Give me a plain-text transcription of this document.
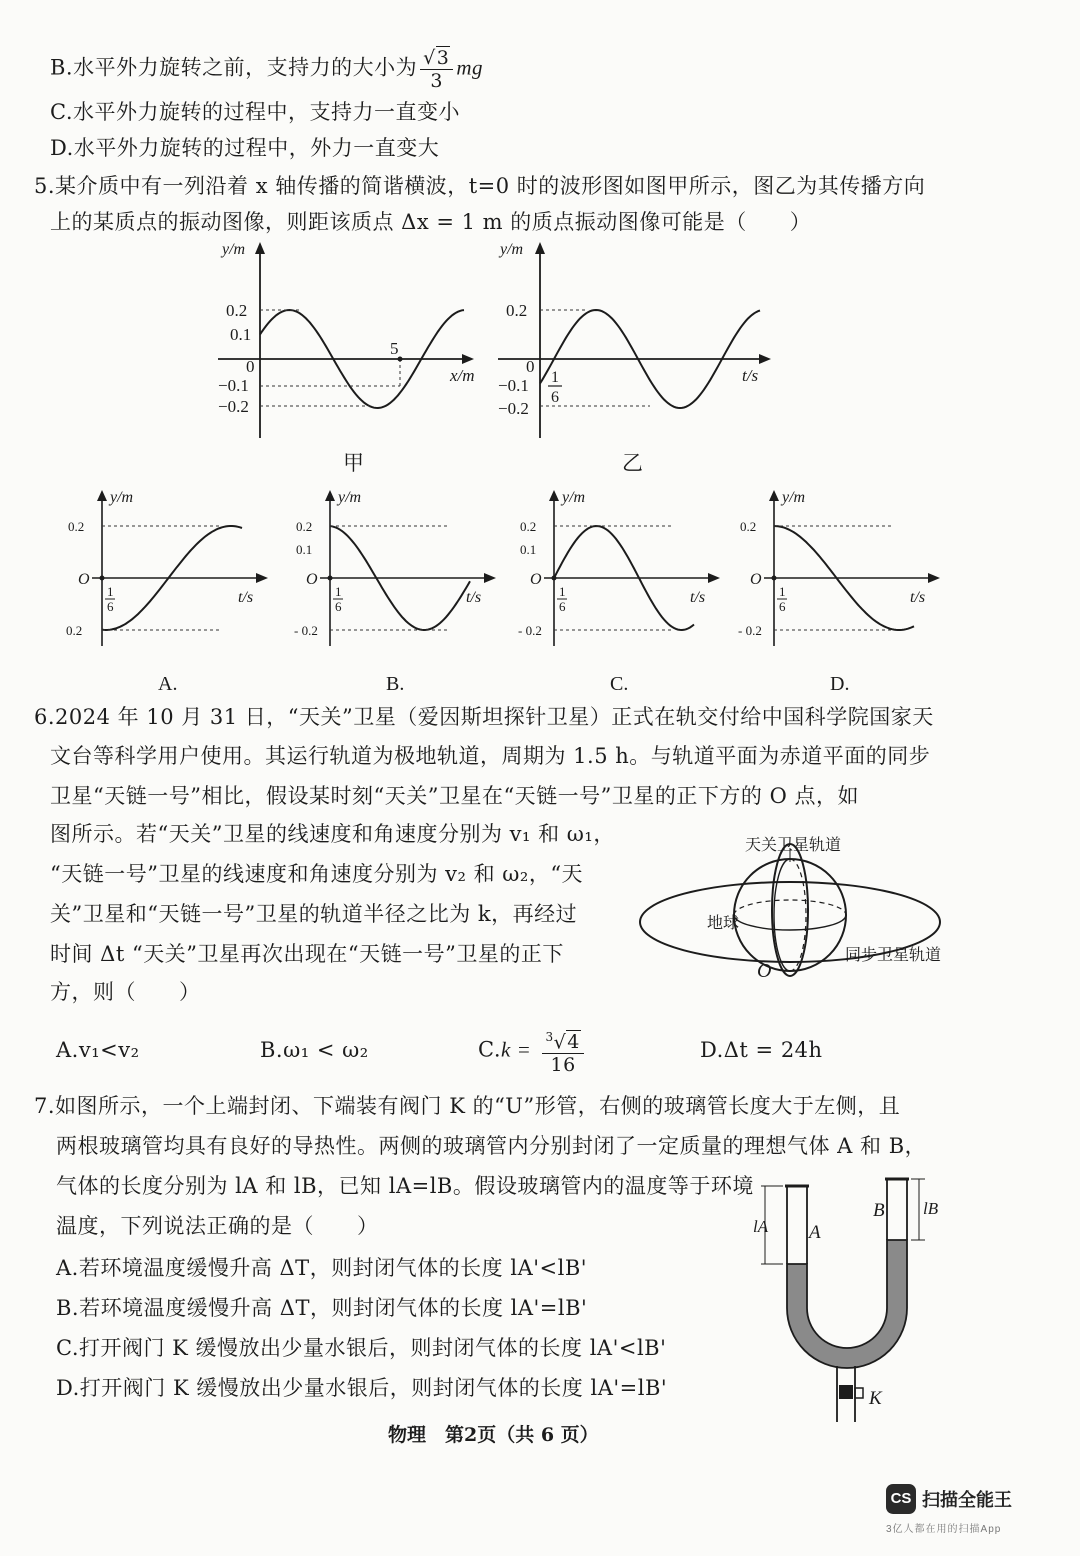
B.水平外力旋转之前，支持力的大小为 $\frac{√3}{3}$ mg
C.水平外力旋转的过程中，支持力一直变小
D.水平外力旋转的过程中，外力一直变大
5.某介质中有一列沿着 x 轴传播的简谐横波，t=0 时的波形图如图甲所示，图乙为其传播方向
上的某质点的振动图像，则距该质点 Δx = 1 m 的质点振动图像可能是（　　）
y/m
x/m
0.2
0.1
0
−0.1
−0.2
5
甲
y/m
t/s
0.2
0
−0.1
−0.2
1
6
乙
y/m
t/s
0.2
O
0.2
1
6
A.
y/m
t/s
0.2
0.1
O
- 0.2
1
6
B.
y/m
t/s
0.2
0.1
O
- 0.2
1
6
C.
y/m
t/s
0.2
O
- 0.2
1
6
D.
6.2024 年 10 月 31 日，“天关”卫星（爱因斯坦探针卫星）正式在轨交付给中国科学院国家天
文台等科学用户使用。其运行轨道为极地轨道，周期为 1.5 h。与轨道平面为赤道平面的同步
卫星“天链一号”相比，假设某时刻“天关”卫星在“天链一号”卫星的正下方的 O 点，如
图所示。若“天关”卫星的线速度和角速度分别为 v₁ 和 ω₁，
“天链一号”卫星的线速度和角速度分别为 v₂ 和 ω₂，“天
关”卫星和“天链一号”卫星的轨道半径之比为 k，再经过
时间 Δt “天关”卫星再次出现在“天链一号”卫星的正下
方，则（　　）
天关卫星轨道
地球
同步卫星轨道
O
A.v₁<v₂	B.ω₁ < ω₂	$C.k = \frac{^3√4}{16}$	D.Δt = 24h
7.如图所示，一个上端封闭、下端装有阀门 K 的“U”形管，右侧的玻璃管长度大于左侧，且
两根玻璃管均具有良好的导热性。两侧的玻璃管内分别封闭了一定质量的理想气体 A 和 B，
气体的长度分别为 lA 和 lB，已知 lA=lB。假设玻璃管内的温度等于环境
温度，下列说法正确的是（　　）
A.若环境温度缓慢升高 ΔT，则封闭气体的长度 lA'<lB'
B.若环境温度缓慢升高 ΔT，则封闭气体的长度 lA'=lB'
C.打开阀门 K 缓慢放出少量水银后，则封闭气体的长度 lA'<lB'
D.打开阀门 K 缓慢放出少量水银后，则封闭气体的长度 lA'=lB'
lA
lB
A
B
K
物理　第2页（共 6 页）
CS 扫描全能王
3亿人都在用的扫描App
